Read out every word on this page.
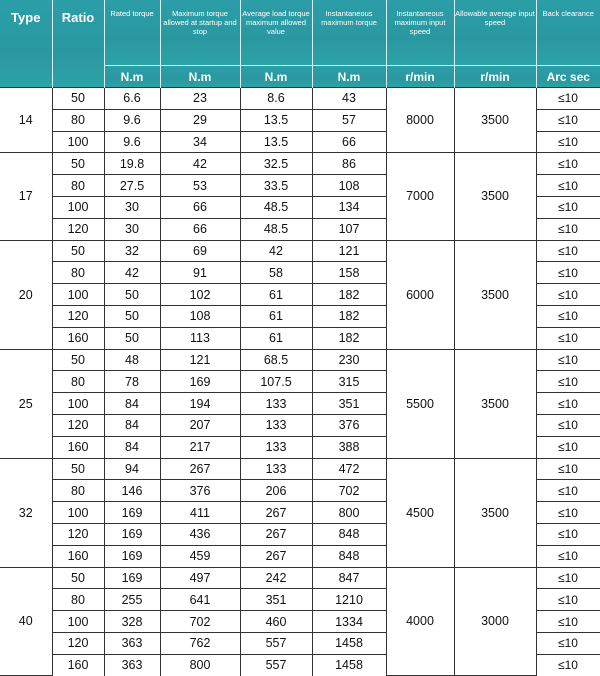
Type	Ratio	Rated torque	Maximum torque allowed at startup and stop	Average load torque maximum allowed value	Instantaneous maximum torque	Instantaneous maximum input speed	Allowable average input speed	Back clearance
		N.m	N.m	N.m	N.m	r/min	r/min	Arc sec
14	50	6.6	23	8.6	43	8000	3500	≤10
	80	9.6	29	13.5	57			≤10
	100	9.6	34	13.5	66			≤10
17	50	19.8	42	32.5	86	7000	3500	≤10
	80	27.5	53	33.5	108			≤10
	100	30	66	48.5	134			≤10
	120	30	66	48.5	107			≤10
20	50	32	69	42	121	6000	3500	≤10
	80	42	91	58	158			≤10
	100	50	102	61	182			≤10
	120	50	108	61	182			≤10
	160	50	113	61	182			≤10
25	50	48	121	68.5	230	5500	3500	≤10
	80	78	169	107.5	315			≤10
	100	84	194	133	351			≤10
	120	84	207	133	376			≤10
	160	84	217	133	388			≤10
32	50	94	267	133	472	4500	3500	≤10
	80	146	376	206	702			≤10
	100	169	411	267	800			≤10
	120	169	436	267	848			≤10
	160	169	459	267	848			≤10
40	50	169	497	242	847	4000	3000	≤10
	80	255	641	351	1210			≤10
	100	328	702	460	1334			≤10
	120	363	762	557	1458			≤10
	160	363	800	557	1458			≤10
